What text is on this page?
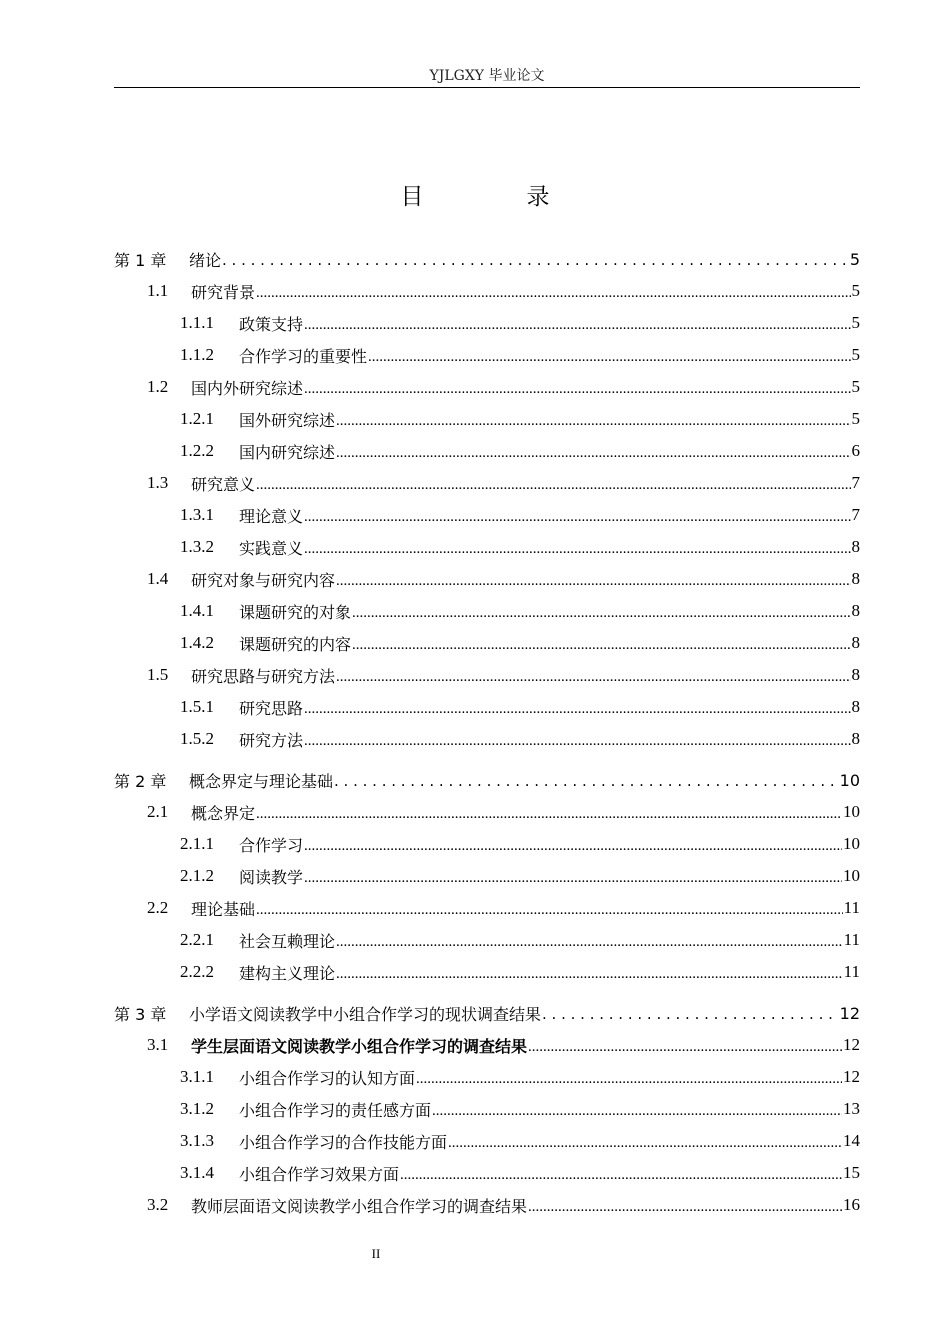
YJLGXY 毕业论文
目　录
第 1 章	绪论 . . .	5
1.1	研究背景 .....	5
1.1.1	政策支持 .....	5
1.1.2	合作学习的重要性 .....	5
1.2	国内外研究综述 .....	5
1.2.1	国外研究综述 .....	5
1.2.2	国内研究综述 .....	6
1.3	研究意义 .....	7
1.3.1	理论意义 .....	7
1.3.2	实践意义 .....	8
1.4	研究对象与研究内容 .....	8
1.4.1	课题研究的对象 .....	8
1.4.2	课题研究的内容 .....	8
1.5	研究思路与研究方法 .....	8
1.5.1	研究思路 .....	8
1.5.2	研究方法 .....	8
第 2 章	概念界定与理论基础 . . .	10
2.1	概念界定 .....	10
2.1.1	合作学习 .....	10
2.1.2	阅读教学 .....	10
2.2	理论基础 .....	11
2.2.1	社会互赖理论 .....	11
2.2.2	建构主义理论 .....	11
第 3 章	小学语文阅读教学中小组合作学习的现状调查结果 . . .	12
3.1	学生层面语文阅读教学小组合作学习的调查结果 .....	12
3.1.1	小组合作学习的认知方面 .....	12
3.1.2	小组合作学习的责任感方面 .....	13
3.1.3	小组合作学习的合作技能方面 .....	14
3.1.4	小组合作学习效果方面 .....	15
3.2	教师层面语文阅读教学小组合作学习的调查结果 .....	16
II
